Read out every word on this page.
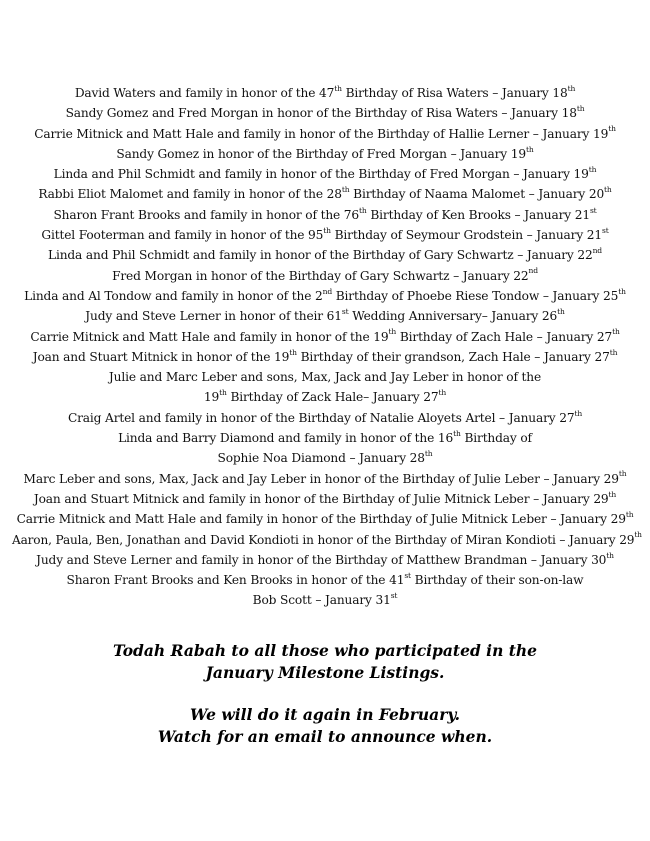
David Waters and family in honor of the 47th Birthday of Risa Waters – January 18th
Sandy Gomez and Fred Morgan in honor of the Birthday of Risa Waters – January 18th
Carrie Mitnick and Matt Hale and family in honor of the Birthday of Hallie Lerner – January 19th
Sandy Gomez in honor of the Birthday of Fred Morgan – January 19th
Linda and Phil Schmidt and family in honor of the Birthday of Fred Morgan – January 19th
Rabbi Eliot Malomet and family in honor of the 28th Birthday of Naama Malomet – January 20th
Sharon Frant Brooks and family in honor of the 76th Birthday of Ken Brooks – January 21st
Gittel Footerman and family in honor of the 95th Birthday of Seymour Grodstein – January 21st
Linda and Phil Schmidt and family in honor of the Birthday of Gary Schwartz – January 22nd
Fred Morgan in honor of the Birthday of Gary Schwartz – January 22nd
Linda and Al Tondow and family in honor of the 2nd Birthday of Phoebe Riese Tondow – January 25th
Judy and Steve Lerner in honor of their 61st Wedding Anniversary– January 26th
Carrie Mitnick and Matt Hale and family in honor of the 19th Birthday of Zach Hale – January 27th
Joan and Stuart Mitnick in honor of the 19th Birthday of their grandson, Zach Hale – January 27th
Julie and Marc Leber and sons, Max, Jack and Jay Leber in honor of the
19th Birthday of Zack Hale– January 27th
Craig Artel and family in honor of the Birthday of Natalie Aloyets Artel – January 27th
Linda and Barry Diamond and family in honor of the 16th Birthday of
Sophie Noa Diamond – January 28th
Marc Leber and sons, Max, Jack and Jay Leber in honor of the Birthday of Julie Leber – January 29th
Joan and Stuart Mitnick and family in honor of the Birthday of Julie Mitnick Leber – January 29th
Carrie Mitnick and Matt Hale and family in honor of the Birthday of Julie Mitnick Leber – January 29th
Aaron, Paula, Ben, Jonathan and David Kondioti in honor of the Birthday of Miran Kondioti – January 29th
Judy and Steve Lerner and family in honor of the Birthday of Matthew Brandman – January 30th
Sharon Frant Brooks and Ken Brooks in honor of the 41st Birthday of their son-on-law
Bob Scott – January 31st
Todah Rabah to all those who participated in the
January Milestone Listings.
We will do it again in February.
Watch for an email to announce when.
